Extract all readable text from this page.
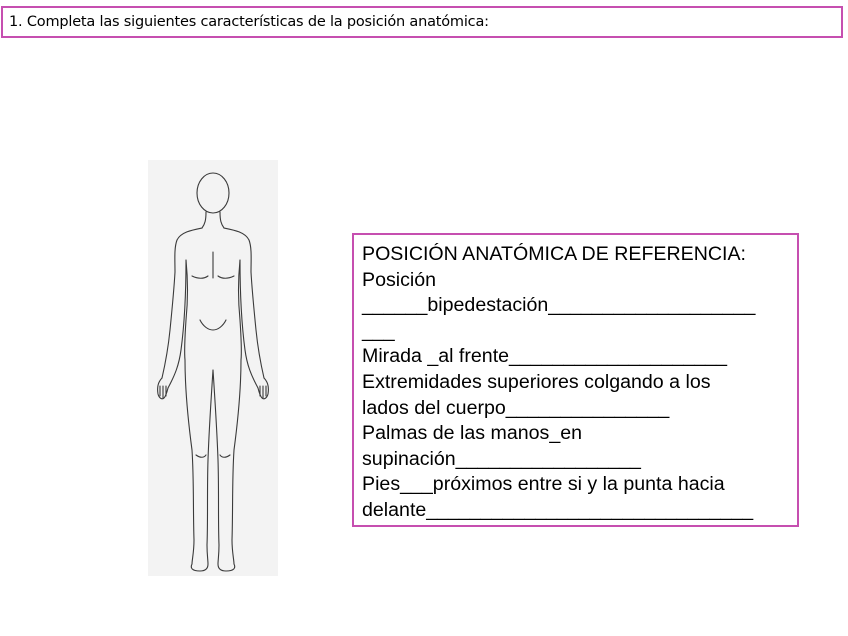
1. Completa las siguientes características de la posición anatómica:
POSICIÓN ANATÓMICA DE REFERENCIA:
Posición
______bipedestación___________________
___
Mirada _al frente____________________
Extremidades superiores colgando a los
lados del cuerpo_______________
Palmas de las manos_en
supinación_________________
Pies___próximos entre si y la punta hacia
delante______________________________
